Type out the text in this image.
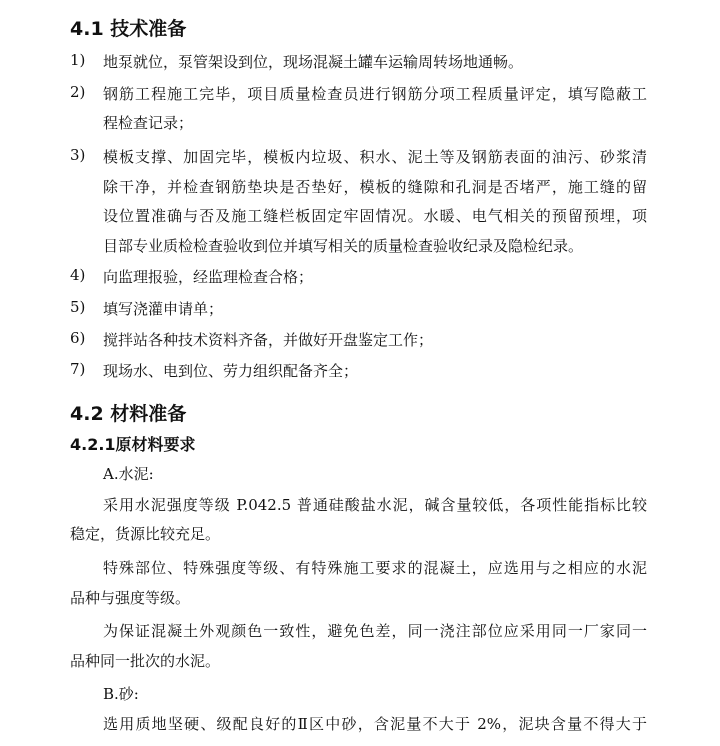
4.1 技术准备
1) 地泵就位，泵管架设到位，现场混凝土罐车运输周转场地通畅。
2) 钢筋工程施工完毕，项目质量检查员进行钢筋分项工程质量评定，填写隐蔽工
程检查记录；
3) 模板支撑、加固完毕，模板内垃圾、积水、泥土等及钢筋表面的油污、砂浆清
除干净，并检查钢筋垫块是否垫好，模板的缝隙和孔洞是否堵严，施工缝的留
设位置准确与否及施工缝栏板固定牢固情况。水暖、电气相关的预留预埋，项
目部专业质检检查验收到位并填写相关的质量检查验收纪录及隐检纪录。
4) 向监理报验，经监理检查合格；
5) 填写浇灌申请单；
6) 搅拌站各种技术资料齐备，并做好开盘鉴定工作；
7) 现场水、电到位、劳力组织配备齐全；
4.2 材料准备
4.2.1原材料要求
A.水泥:
采用水泥强度等级 P.042.5 普通硅酸盐水泥，碱含量较低，各项性能指标比较
稳定，货源比较充足。
特殊部位、特殊强度等级、有特殊施工要求的混凝土，应选用与之相应的水泥
品种与强度等级。
为保证混凝土外观颜色一致性，避免色差，同一浇注部位应采用同一厂家同一
品种同一批次的水泥。
B.砂:
选用质地坚硬、级配良好的Ⅱ区中砂，含泥量不大于 2%，泥块含量不得大于
